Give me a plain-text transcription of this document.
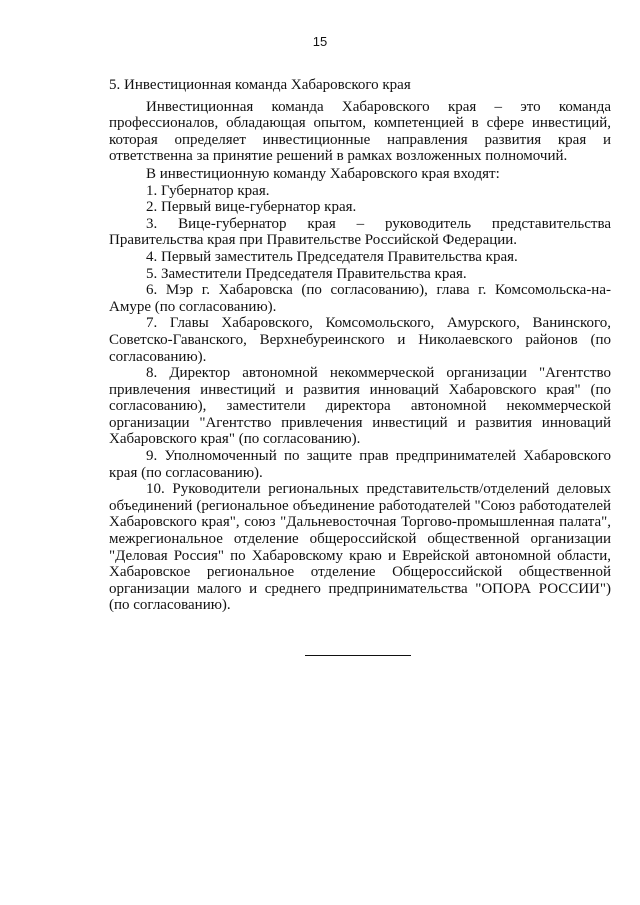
15
5. Инвестиционная команда Хабаровского края

Инвестиционная команда Хабаровского края – это команда профессионалов, обладающая опытом, компетенцией в сфере инвестиций, которая определяет инвестиционные направления развития края и ответственна за принятие решений в рамках возложенных полномочий.

В инвестиционную команду Хабаровского края входят:

1. Губернатор края.

2. Первый вице-губернатор края.

3. Вице-губернатор края – руководитель представительства Правительства края при Правительстве Российской Федерации.

4. Первый заместитель Председателя Правительства края.

5. Заместители Председателя Правительства края.

6. Мэр г. Хабаровска (по согласованию), глава г. Комсомольска-на-Амуре (по согласованию).

7. Главы Хабаровского, Комсомольского, Амурского, Ванинского, Советско-Гаванского, Верхнебуреинского и Николаевского районов (по согласованию).

8. Директор автономной некоммерческой организации "Агентство привлечения инвестиций и развития инноваций Хабаровского края" (по согласованию), заместители директора автономной некоммерческой организации "Агентство привлечения инвестиций и развития инноваций Хабаровского края" (по согласованию).

9. Уполномоченный по защите прав предпринимателей Хабаровского края (по согласованию).

10. Руководители региональных представительств/отделений деловых объединений (региональное объединение работодателей "Союз работодателей Хабаровского края", союз "Дальневосточная Торгово-промышленная палата", межрегиональное отделение общероссийской общественной организации "Деловая Россия" по Хабаровскому краю и Еврейской автономной области, Хабаровское региональное отделение Общероссийской общественной организации малого и среднего предпринимательства "ОПОРА РОССИИ") (по согласованию).
